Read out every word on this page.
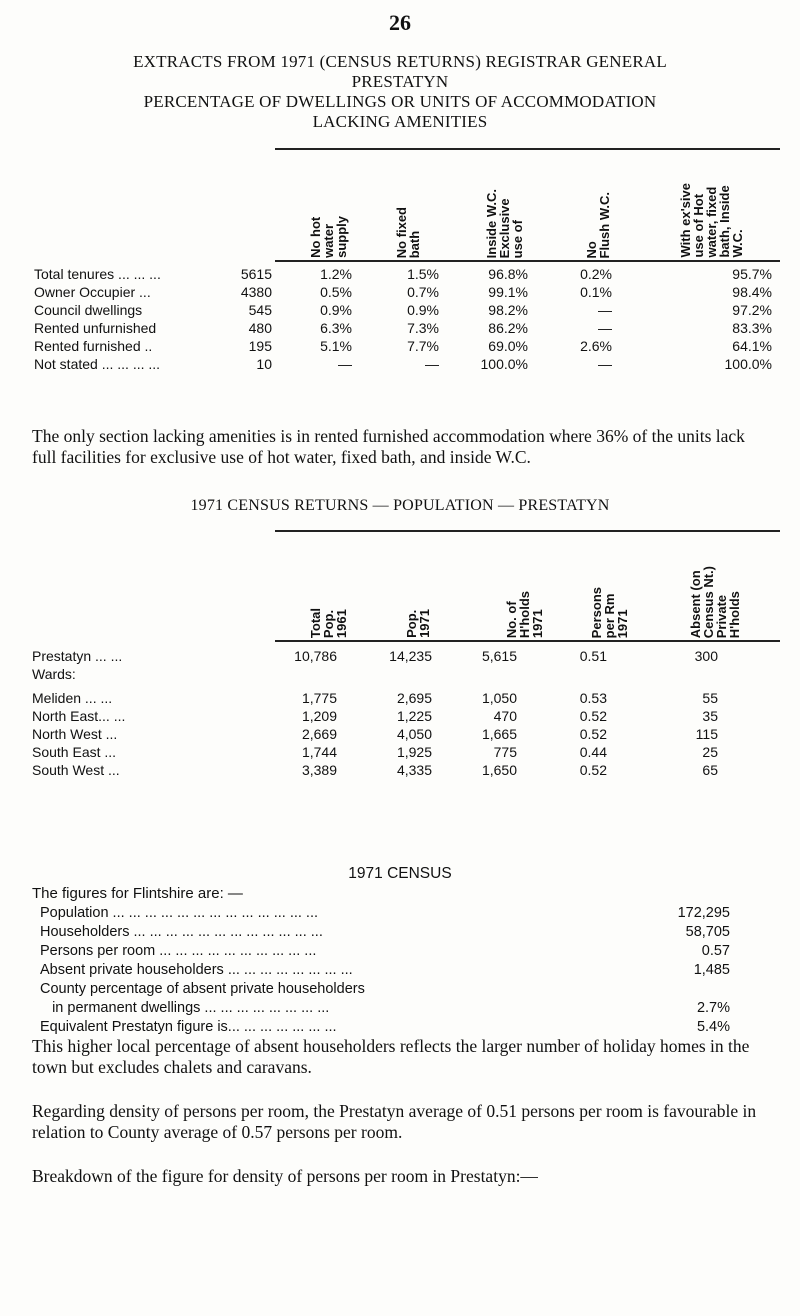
26
EXTRACTS FROM 1971 (CENSUS RETURNS) REGISTRAR GENERAL
PRESTATYN
PERCENTAGE OF DWELLINGS OR UNITS OF ACCOMMODATION
LACKING AMENITIES
No hot
water
supply	No fixed
bath	Inside W.C.
Exclusive
use of
No
Flush W.C.
With ex'sive
use of Hot
water, fixed
bath, Inside
W.C.
Total tenures ... ... ...	5615	1.2%	1.5%	96.8%	0.2%	95.7%
Owner Occupier ...	4380	0.5%	0.7%	99.1%	0.1%	98.4%
Council dwellings	545	0.9%	0.9%	98.2%	—	97.2%
Rented unfurnished	480	6.3%	7.3%	86.2%	—	83.3%
Rented furnished ..	195	5.1%	7.7%	69.0%	2.6%	64.1%
Not stated ... ... ... ...	10	—	—	100.0%	—	100.0%
The only section lacking amenities is in rented furnished accommodation where 36% of the units lack full facilities for exclusive use of hot water, fixed bath, and inside W.C.
1971 CENSUS RETURNS — POPULATION — PRESTATYN
Total
Pop.
1961	Pop.
1971	No. of
H'holds
1971	Persons
per Rm
1971	Absent (on
Census Nt.)
Private
H'holds
Prestatyn ... ...	10,786	14,235	5,615	0.51	300
Wards:
Meliden ... ...	1,775	2,695	1,050	0.53	55
North East... ...	1,209	1,225	470	0.52	35
North West ...	2,669	4,050	1,665	0.52	115
South East ...	1,744	1,925	775	0.44	25
South West ...	3,389	4,335	1,650	0.52	65
1971 CENSUS
The figures for Flintshire are: —
Population ... ... ... ... ... ... ... ... ... ... ... ... ...	172,295
Householders ... ... ... ... ... ... ... ... ... ... ... ...	58,705
Persons per room ... ... ... ... ... ... ... ... ... ...	0.57
Absent private householders ... ... ... ... ... ... ... ...	1,485
County percentage of absent private householders
in permanent dwellings ... ... ... ... ... ... ... ...	2.7%
Equivalent Prestatyn figure is... ... ... ... ... ... ...	5.4%
This higher local percentage of absent householders reflects the larger number of holiday homes in the town but excludes chalets and caravans.
Regarding density of persons per room, the Prestatyn average of 0.51 persons per room is favourable in relation to County average of 0.57 persons per room.
Breakdown of the figure for density of persons per room in Prestatyn:—
